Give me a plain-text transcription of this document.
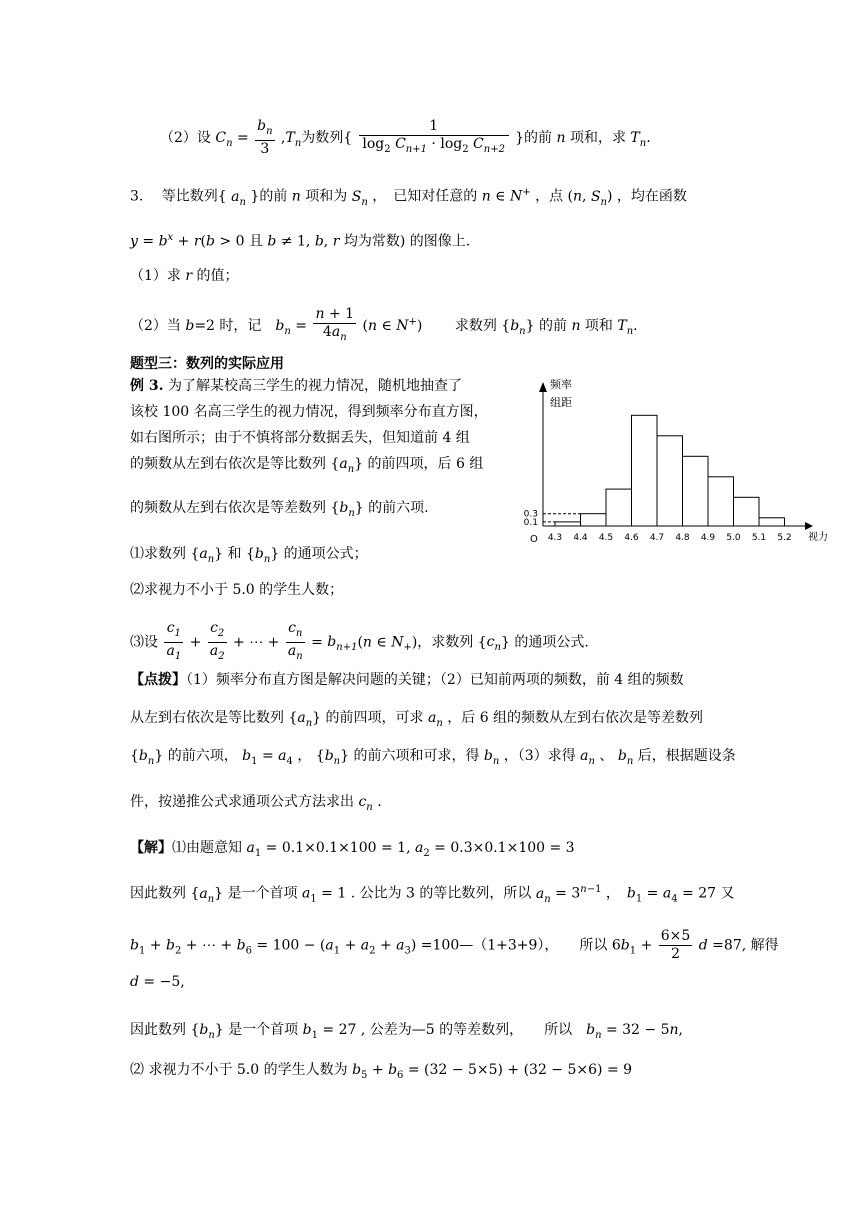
（2）设 $C_n = \frac{b_n}{3} ,T_n$为数列{ $\frac{1}{\log_2 C_{n+1} \cdot \log_2 C_{n+2}}$ }的前 n 项和，求 $T_n$.
3.　 等比数列{ $a_n$ }的前 n 项和为 $S_n$ ，　已知对任意的 n ∈ N+ ，点 (n, $S_n$) ，均在函数
$y = b^x + r(b > 0$ 且 b ≠ 1, b, r 均为常数) 的图像上.
（1）求 r 的值；
（2）当 b=2 时，记　$b_n = \frac{n + 1}{4a_n} (n$ ∈ N+)　　 求数列 $\{b_n\}$ 的前 n 项和 $T_n$.
题型三：数列的实际应用
例 3. 为了解某校高三学生的视力情况，随机地抽查了
该校 100 名高三学生的视力情况，得到频率分布直方图，
如右图所示；由于不慎将部分数据丢失，但知道前 4 组
的频数从左到右依次是等比数列 $\{a_n\}$ 的前四项，后 6 组
的频数从左到右依次是等差数列 $\{b_n\}$ 的前六项.
频率
组距
O	视力
4.3 4.4 4.5 4.6 4.7 4.8 4.9 5.0 5.1 5.2
0.1
0.3
⑴求数列 $\{a_n\}$ 和 $\{b_n\}$ 的通项公式；
⑵求视力不小于 5.0 的学生人数；
⑶设 $\frac{c_1}{a_1} + \frac{c_2}{a_2}$ + ⋯ + $\frac{c_n}{a_n} = b_{n+1}(n$ ∈ $N_+$)，求数列 $\{c_n\}$ 的通项公式.
【点拨】（1）频率分布直方图是解决问题的关键；（2）已知前两项的频数，前 4 组的频数
从左到右依次是等比数列 $\{a_n\}$ 的前四项，可求 $a_n$ ，后 6 组的频数从左到右依次是等差数列
$\{b_n\}$ 的前六项， $b_1 = a_4$ ， $\{b_n\}$ 的前六项和可求，得 $b_n$ ，（3）求得 $a_n$ 、 $b_n$ 后，根据题设条
件，按递推公式求通项公式方法求出 $c_n$ .
【解】⑴由题意知 $a_1 = 0.1\times 0.1\times 100 = 1$, $a_2 = 0.3\times 0.1\times 100 = 3$
因此数列 $\{a_n\}$ 是一个首项 $a_1 = 1$ . 公比为 3 的等比数列，所以 $a_n = 3^{n-1}$ ，　$b_1 = a_4 = 27$ 又
$b_1 + b_2$ + ⋯ + $b_6 = 100 - (a_1 + a_2 + a_3)$ =100—（1+3+9），　　所以 $6b_1 + \frac{6\times 5}{2}$ d =87, 解得
d = −5,
因此数列 $\{b_n\}$ 是一个首项 $b_1 = 27$ , 公差为—5 的等差数列，　　所以　$b_n = 32 - 5n$,
⑵ 求视力不小于 5.0 的学生人数为 $b_5 + b_6 = (32 - 5\times 5) + (32 - 5\times 6) = 9$
